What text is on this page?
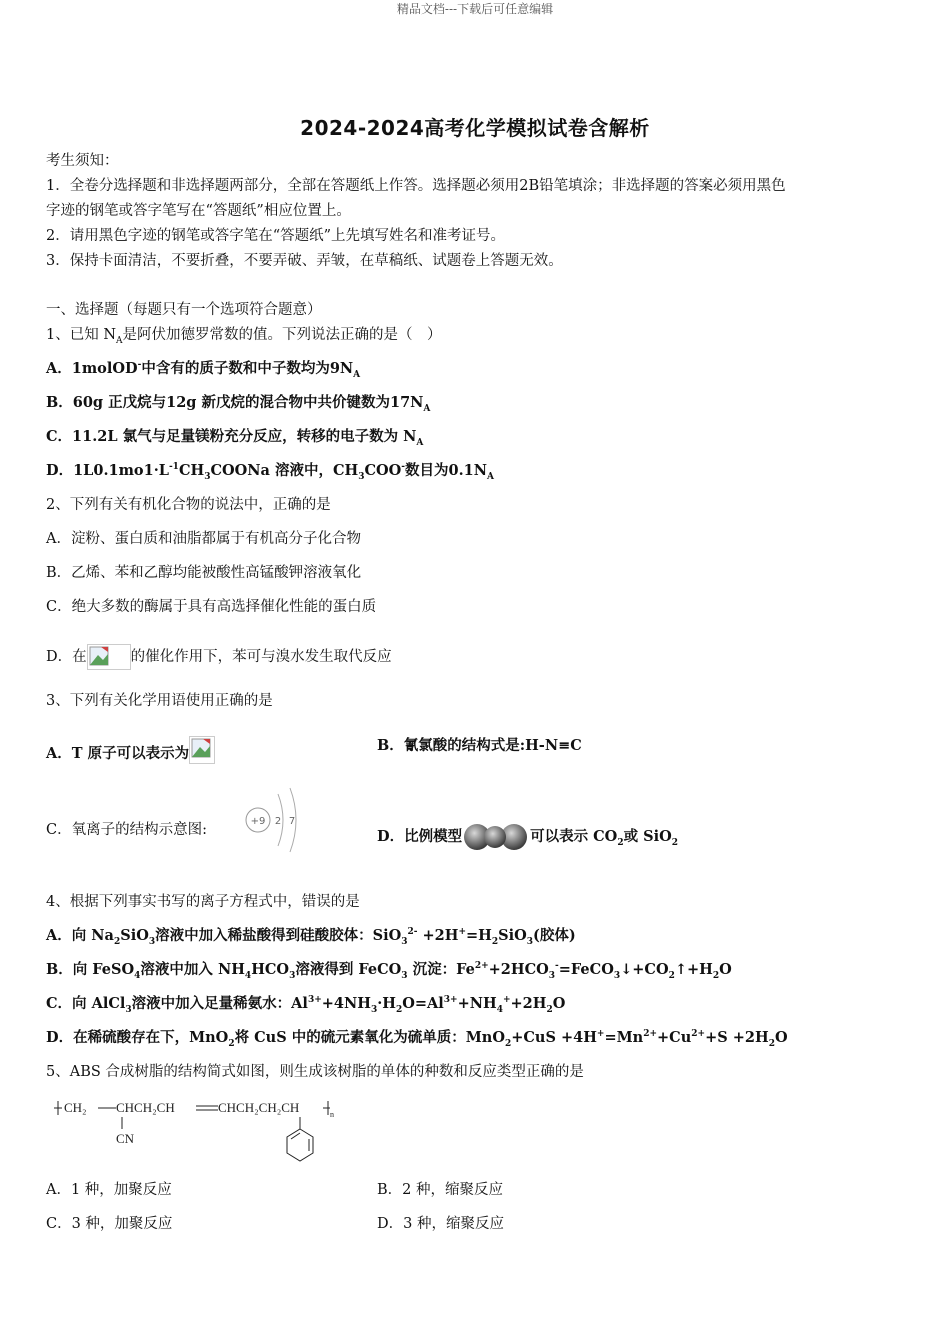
精品文档---下载后可任意编辑
2024-2024高考化学模拟试卷含解析
考生须知：
1．全卷分选择题和非选择题两部分，全部在答题纸上作答。选择题必须用2B铅笔填涂；非选择题的答案必须用黑色
字迹的钢笔或答字笔写在“答题纸”相应位置上。
2．请用黑色字迹的钢笔或答字笔在“答题纸”上先填写姓名和准考证号。
3．保持卡面清洁，不要折叠，不要弄破、弄皱，在草稿纸、试题卷上答题无效。
一、选择题（每题只有一个选项符合题意）
1、已知 $N_A$是阿伏加德罗常数的值。下列说法正确的是（　）
A．1molOD-中含有的质子数和中子数均为$9N_A$
B．60g 正戊烷与12g 新戊烷的混合物中共价键数为$17N_A$
C．11.2L 氯气与足量镁粉充分反应，转移的电子数为 $N_A$
D．$1L0.1mo1\cdot L^{-1}CH_3COONa$ 溶液中，$CH_3COO^-$数目为$0.1N_A$
2、下列有关有机化合物的说法中，正确的是
A．淀粉、蛋白质和油脂都属于有机高分子化合物
B．乙烯、苯和乙醇均能被酸性高锰酸钾溶液氧化
C．绝大多数的酶属于具有高选择催化性能的蛋白质
D．在	的催化作用下，苯可与溴水发生取代反应
3、下列有关化学用语使用正确的是
A．T 原子可以表示为	B．氰氯酸的结构式是:H-N≡C
C．氧离子的结构示意图:
+9 2 7
D．比例模型	可以表示 $CO_2$或 SiO$_2$
4、根据下列事实书写的离子方程式中，错误的是
A．向 $Na_2SiO_3$溶液中加入稀盐酸得到硅酸胶体：$SiO_3^{2-} +2H^+=H_2SiO_3$(胶体)
B．向 FeSO$_4$溶液中加入 $NH_4HCO_3$溶液得到 FeCO$_3$ 沉淀：$Fe^{2+}+2HCO_3^-=FeCO_3↓+CO_2↑+H_2O$
C．向 AlCl$_3$溶液中加入足量稀氨水：$Al^{3+}+4NH_3\cdot H_2O=Al^{3+}+NH_4^++2H_2O$
D．在稀硫酸存在下，MnO$_2$将 CuS 中的硫元素氧化为硫单质：$MnO_2+CuS +4H^+=Mn^{2+}+Cu^{2+}+S +2H_2O$
5、ABS 合成树脂的结构简式如图，则生成该树脂的单体的种数和反应类型正确的是
CH₂ CHCH₂CH	CHCH₂CH₂CH	n
CN
A．1 种，加聚反应	B．2 种，缩聚反应
C．3 种，加聚反应	D．3 种，缩聚反应
